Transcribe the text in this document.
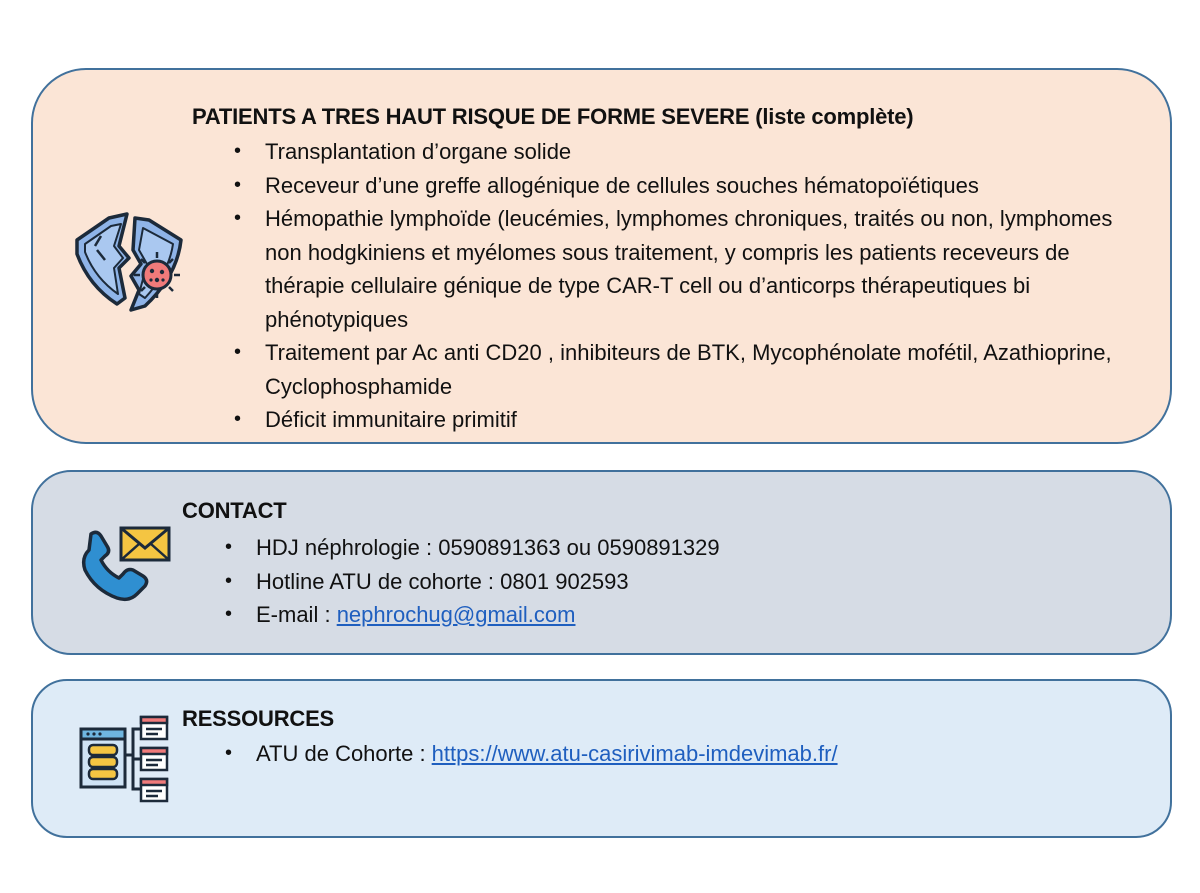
PATIENTS A TRES HAUT RISQUE DE FORME SEVERE (liste complète)
• Transplantation d’organe solide
• Receveur d’une greffe allogénique de cellules souches hématopoïétiques
• Hémopathie lymphoïde (leucémies, lymphomes chroniques, traités ou non, lymphomes non hodgkiniens et myélomes sous traitement, y compris les patients receveurs de thérapie cellulaire génique de type CAR-T cell ou d’anticorps thérapeutiques bi phénotypiques
• Traitement par Ac anti CD20 , inhibiteurs de BTK, Mycophénolate mofétil, Azathioprine, Cyclophosphamide
• Déficit immunitaire primitif
CONTACT
• HDJ néphrologie : 0590891363 ou 0590891329
• Hotline ATU de cohorte : 0801 902593
• E-mail : nephrochug@gmail.com
RESSOURCES
• ATU de Cohorte : https://www.atu-casirivimab-imdevimab.fr/
